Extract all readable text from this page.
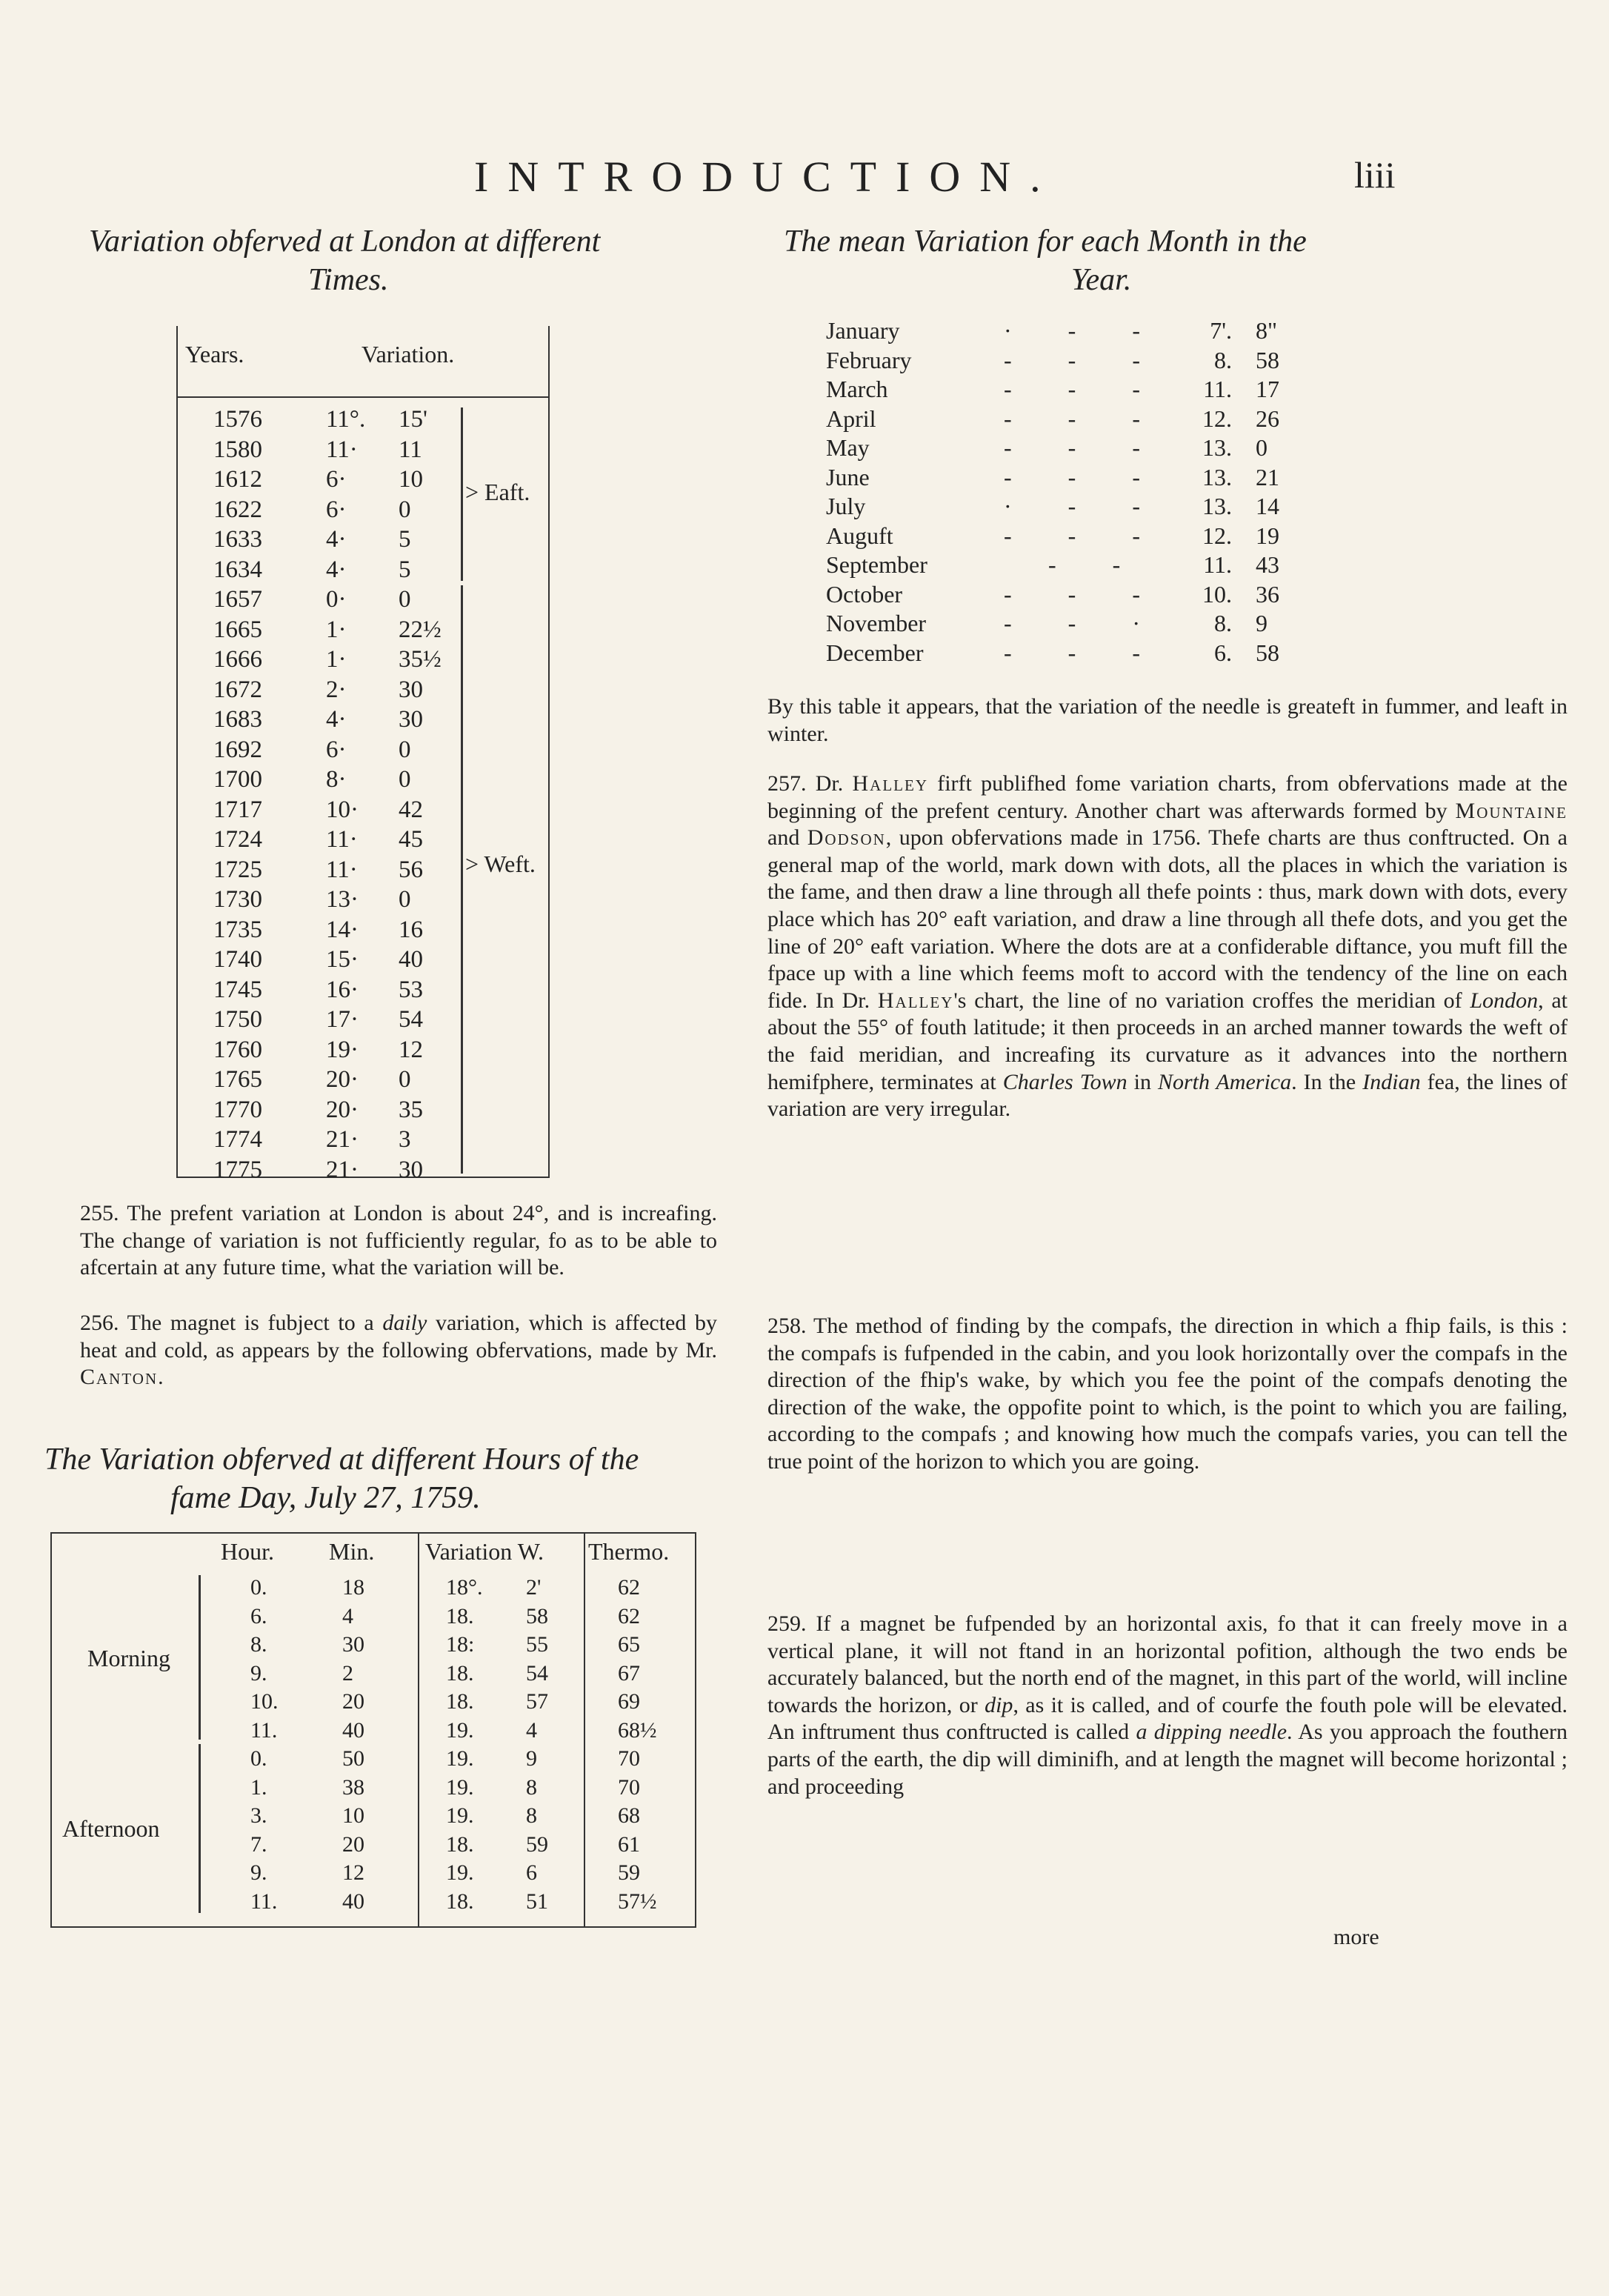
INTRODUCTION.	liii
Variation obferved at London at different
Times.
Years.	Variation.
1576	11°. 15'
1580	11· 11
1612	6· 10
1622	6· 0
1633	4· 5
1634	4· 5
1657	0· 0
1665	1· 22½
1666	1· 35½
1672	2· 30
1683	4· 30
1692	6· 0
1700	8· 0
1717	10· 42
1724	11· 45
1725	11· 56
1730	13· 0
1735	14· 16
1740	15· 40
1745	16· 53
1750	17· 54
1760	19· 12
1765	20· 0
1770	20· 35
1774	21· 3
1775	21· 30
> Eaft.
> Weft.
255. The prefent variation at London is about 24°, and is increafing. The change of variation is not fufficiently regular, fo as to be able to afcertain at any future time, what the variation will be.
256. The magnet is fubject to a daily variation, which is affected by heat and cold, as appears by the following obfervations, made by Mr. Canton.
The Variation obferved at different Hours of the
fame Day, July 27, 1759.
Hour. Min. Variation W. Thermo.
Morning
Afternoon
0.	18	18°. 2'	62
6.	4	18. 58	62
8.	30	18: 55	65
9.	2	18. 54	67
10.	20	18. 57	69
11.	40	19. 4	68½
0.	50	19. 9	70
1.	38	19. 8	70
3.	10	19. 8	68
7.	20	18. 59	61
9.	12	19. 6	59
11.	40	18. 51	57½
The mean Variation for each Month in the
Year.
January	· - -	7'. 8"
February	- - -	8. 58
March	- - -	11. 17
April	- - -	12. 26
May	- - -	13. 0
June	- - -	13. 21
July	· - -	13. 14
Auguft	- - -	12. 19
September	- -	11. 43
October	- - -	10. 36
November	- - ·	8. 9
December	- - -	6. 58
By this table it appears, that the variation of the needle is greateft in fummer, and leaft in winter.
257. Dr. Halley firft publifhed fome variation charts, from obfervations made at the beginning of the prefent century. Another chart was afterwards formed by Mountaine and Dodson, upon obfervations made in 1756. Thefe charts are thus conftructed. On a general map of the world, mark down with dots, all the places in which the variation is the fame, and then draw a line through all thefe points : thus, mark down with dots, every place which has 20° eaft variation, and draw a line through all thefe dots, and you get the line of 20° eaft variation. Where the dots are at a confiderable diftance, you muft fill the fpace up with a line which feems moft to accord with the tendency of the line on each fide. In Dr. Halley's chart, the line of no variation croffes the meridian of London, at about the 55° of fouth latitude; it then proceeds in an arched manner towards the weft of the faid meridian, and increafing its curvature as it advances into the northern hemifphere, terminates at Charles Town in North America. In the Indian fea, the lines of variation are very irregular.
258. The method of finding by the compafs, the direction in which a fhip fails, is this : the compafs is fufpended in the cabin, and you look horizontally over the compafs in the direction of the fhip's wake, by which you fee the point of the compafs denoting the direction of the wake, the oppofite point to which, is the point to which you are failing, according to the compafs ; and knowing how much the compafs varies, you can tell the true point of the horizon to which you are going.
259. If a magnet be fufpended by an horizontal axis, fo that it can freely move in a vertical plane, it will not ftand in an horizontal pofition, although the two ends be accurately balanced, but the north end of the magnet, in this part of the world, will incline towards the horizon, or dip, as it is called, and of courfe the fouth pole will be elevated. An inftrument thus conftructed is called a dipping needle. As you approach the fouthern parts of the earth, the dip will diminifh, and at length the magnet will become horizontal ; and proceeding
more
